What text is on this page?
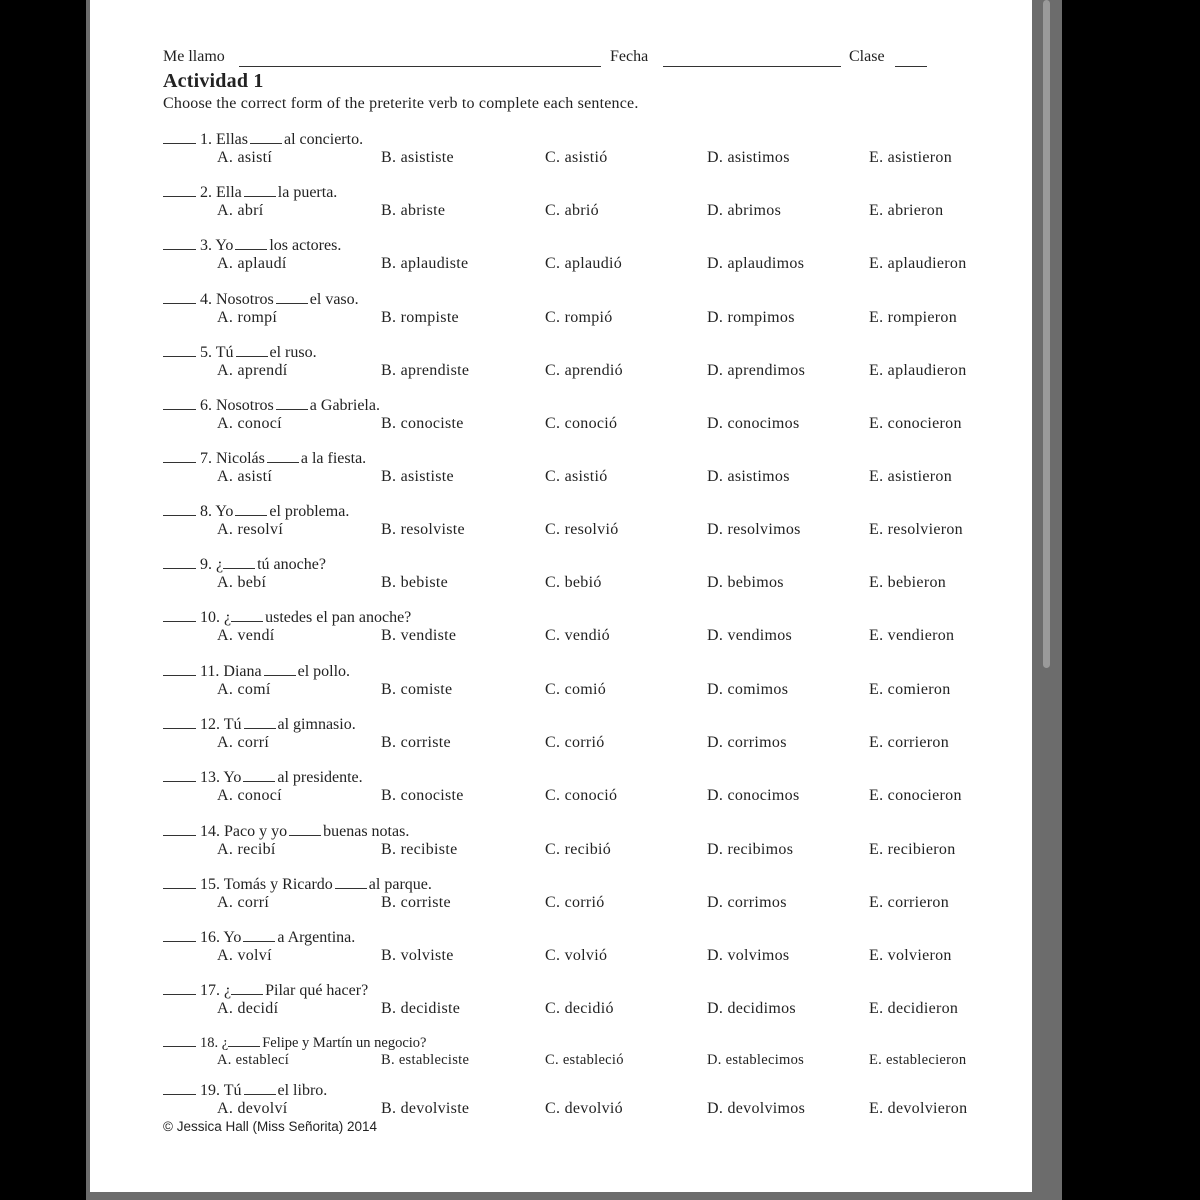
Me llamo	Fecha	Clase
Actividad 1
Choose the correct form of the preterite verb to complete each sentence.
1. Ellas al concierto.
A. asistí	B. asististe	C. asistió	D. asistimos	E. asistieron
2. Ella la puerta.
A. abrí	B. abriste	C. abrió	D. abrimos	E. abrieron
3. Yo los actores.
A. aplaudí	B. aplaudiste	C. aplaudió	D. aplaudimos	E. aplaudieron
4. Nosotros el vaso.
A. rompí	B. rompiste	C. rompió	D. rompimos	E. rompieron
5. Tú el ruso.
A. aprendí	B. aprendiste	C. aprendió	D. aprendimos	E. aplaudieron
6. Nosotros a Gabriela.
A. conocí	B. conociste	C. conoció	D. conocimos	E. conocieron
7. Nicolás a la fiesta.
A. asistí	B. asististe	C. asistió	D. asistimos	E. asistieron
8. Yo el problema.
A. resolví	B. resolviste	C. resolvió	D. resolvimos	E. resolvieron
9. ¿ tú anoche?
A. bebí	B. bebiste	C. bebió	D. bebimos	E. bebieron
10. ¿ ustedes el pan anoche?
A. vendí	B. vendiste	C. vendió	D. vendimos	E. vendieron
11. Diana el pollo.
A. comí	B. comiste	C. comió	D. comimos	E. comieron
12. Tú al gimnasio.
A. corrí	B. corriste	C. corrió	D. corrimos	E. corrieron
13. Yo al presidente.
A. conocí	B. conociste	C. conoció	D. conocimos	E. conocieron
14. Paco y yo buenas notas.
A. recibí	B. recibiste	C. recibió	D. recibimos	E. recibieron
15. Tomás y Ricardo al parque.
A. corrí	B. corriste	C. corrió	D. corrimos	E. corrieron
16. Yo a Argentina.
A. volví	B. volviste	C. volvió	D. volvimos	E. volvieron
17. ¿ Pilar qué hacer?
A. decidí	B. decidiste	C. decidió	D. decidimos	E. decidieron
18. ¿ Felipe y Martín un negocio?
A. establecí	B. estableciste	C. estableció	D. establecimos	E. establecieron
19. Tú el libro.
A. devolví	B. devolviste	C. devolvió	D. devolvimos	E. devolvieron
© Jessica Hall (Miss Señorita) 2014
